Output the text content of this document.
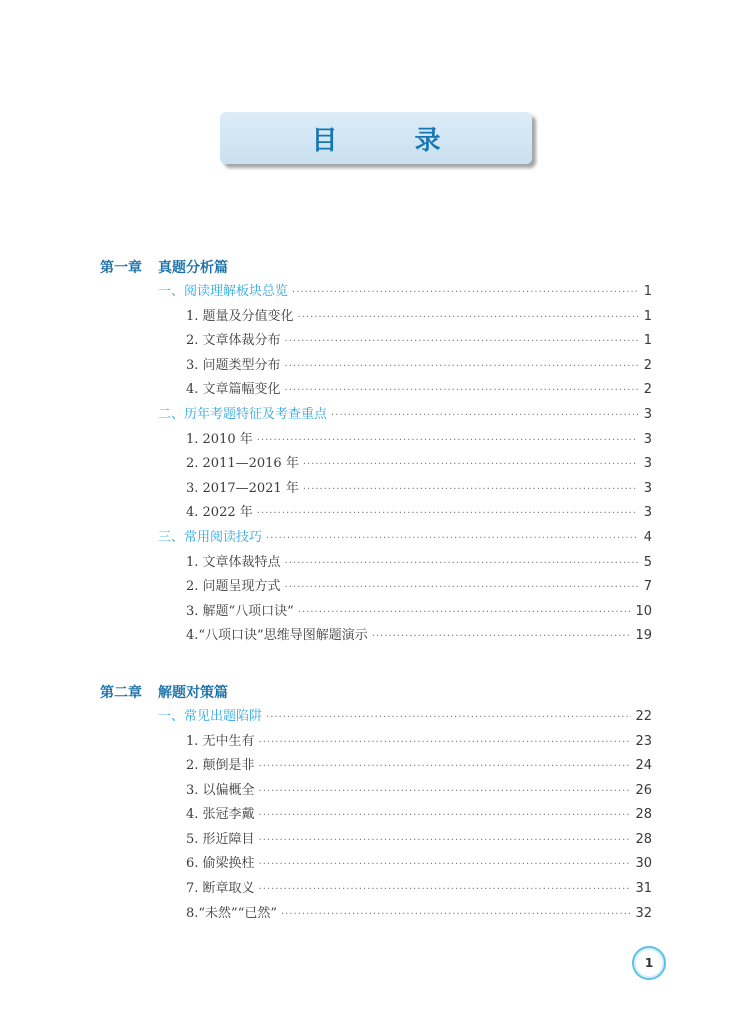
目 录
第一章 真题分析篇
一、阅读理解板块总览 ·····	1
1. 题量及分值变化 ·····	1
2. 文章体裁分布 ·····	1
3. 问题类型分布 ·····	2
4. 文章篇幅变化 ·····	2
二、历年考题特征及考查重点 ·····	3
1. 2010 年 ·····	3
2. 2011—2016 年 ·····	3
3. 2017—2021 年 ·····	3
4. 2022 年 ·····	3
三、常用阅读技巧 ·····	4
1. 文章体裁特点 ·····	5
2. 问题呈现方式 ·····	7
3. 解题“八项口诀” ·····	10
4.“八项口诀”思维导图解题演示 ·····	19
第二章 解题对策篇
一、常见出题陷阱 ·····	22
1. 无中生有 ·····	23
2. 颠倒是非 ·····	24
3. 以偏概全 ·····	26
4. 张冠李戴 ·····	28
5. 形近障目 ·····	28
6. 偷梁换柱 ·····	30
7. 断章取义 ·····	31
8.“未然”“已然” ·····	32
1
